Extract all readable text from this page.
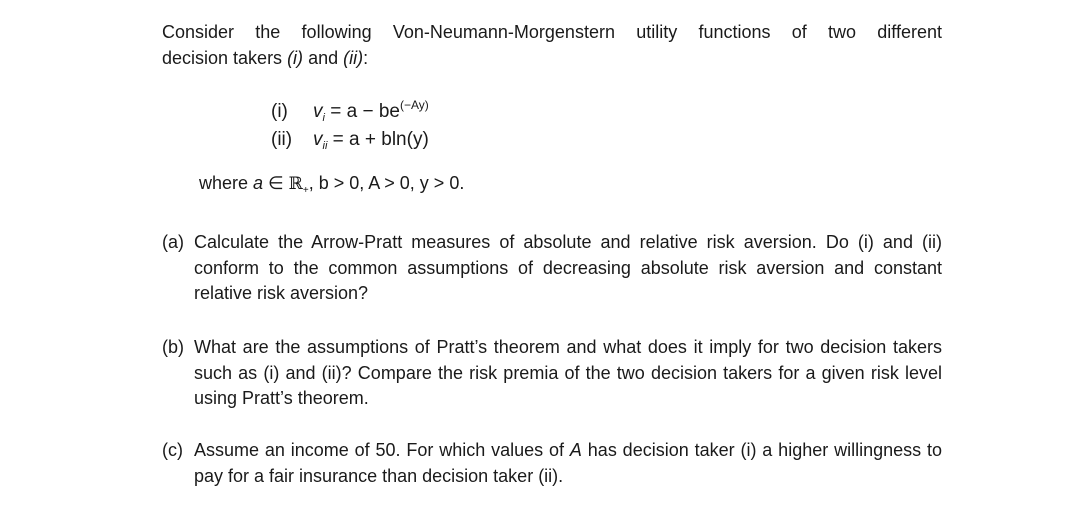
Consider the following Von-Neumann-Morgenstern utility functions of two different
decision takers (i) and (ii):
(i) $v_i = a - be^{(-Ay)}$
(ii) $v_{ii} = a + bln(y)$
where a ∈ ℝ$_+$, b > 0, A > 0, y > 0.
(a) Calculate the Arrow-Pratt measures of absolute and relative risk aversion. Do (i) and (ii) conform to the common assumptions of decreasing absolute risk aversion and constant relative risk aversion?
(b) What are the assumptions of Pratt’s theorem and what does it imply for two decision takers such as (i) and (ii)? Compare the risk premia of the two decision takers for a given risk level using Pratt’s theorem.
(c) Assume an income of 50. For which values of A has decision taker (i) a higher willingness to pay for a fair insurance than decision taker (ii).
